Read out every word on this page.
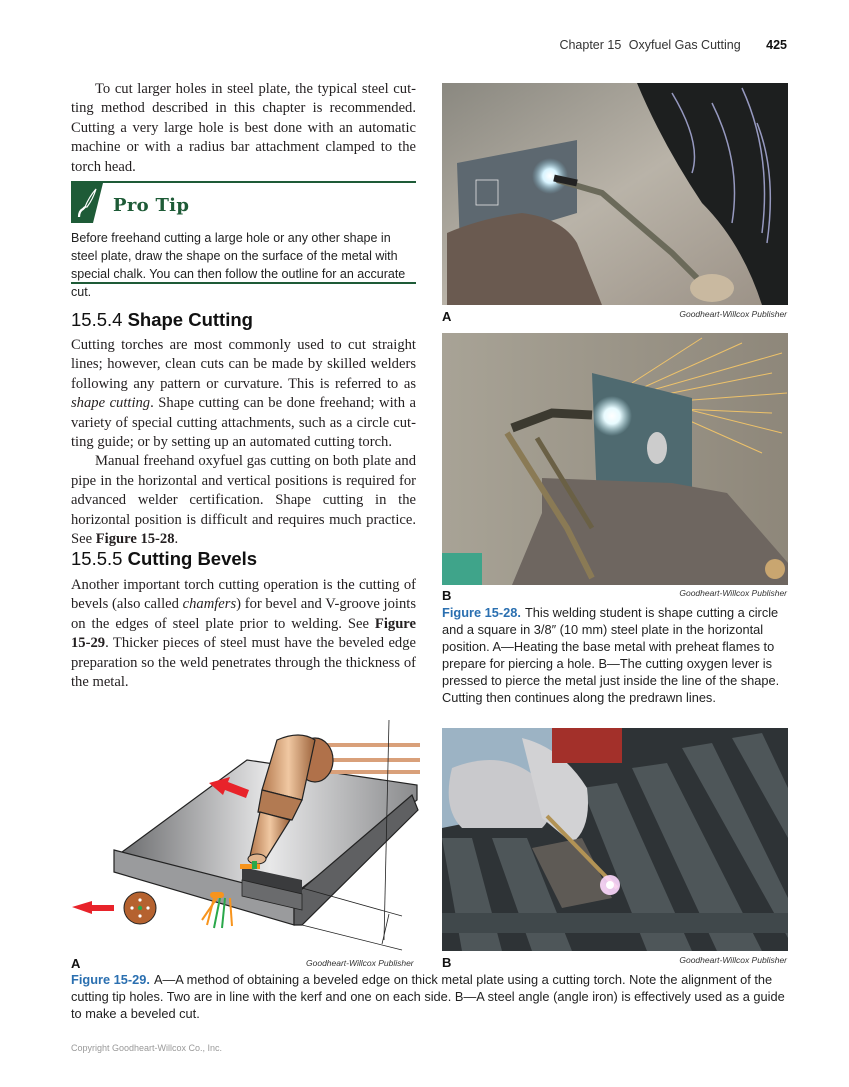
Chapter 15 Oxyfuel Gas Cutting 425

To cut larger holes in steel plate, the typical steel cutting method described in this chapter is recommended. Cutting a very large hole is best done with an automatic machine or with a radius bar attachment clamped to the torch head.

Pro Tip
Before freehand cutting a large hole or any other shape in steel plate, draw the shape on the surface of the metal with special chalk. You can then follow the outline for an accurate cut.
15.5.4 Shape Cutting

Cutting torches are most commonly used to cut straight lines; however, clean cuts can be made by skilled welders following any pattern or curvature. This is referred to as shape cutting. Shape cutting can be done freehand; with a variety of special cutting attachments, such as a circle cutting guide; or by setting up an automated cutting torch.

Manual freehand oxyfuel gas cutting on both plate and pipe in the horizontal and vertical positions is required for advanced welder certification. Shape cutting in the horizontal position is difficult and requires much practice. See Figure 15-28.

15.5.5 Cutting Bevels

Another important torch cutting operation is the cutting of bevels (also called chamfers) for bevel and V-groove joints on the edges of steel plate prior to welding. See Figure 15-29. Thicker pieces of steel must have the beveled edge preparation so the weld penetrates through the thickness of the metal.

A	Goodheart-Willcox Publisher
B	Goodheart-Willcox Publisher
Figure 15-28. This welding student is shape cutting a circle and a square in 3/8″ (10 mm) steel plate in the horizontal position. A—Heating the base metal with preheat flames to prepare for piercing a hole. B—The cutting oxygen lever is pressed to pierce the metal just inside the line of the shape. Cutting then continues along the predrawn lines.
A	Goodheart-Willcox Publisher B	Goodheart-Willcox Publisher
Figure 15-29. A—A method of obtaining a beveled edge on thick metal plate using a cutting torch. Note the alignment of the cutting tip holes. Two are in line with the kerf and one on each side. B—A steel angle (angle iron) is effectively used as a guide to make a beveled cut.
Copyright Goodheart-Willcox Co., Inc.
